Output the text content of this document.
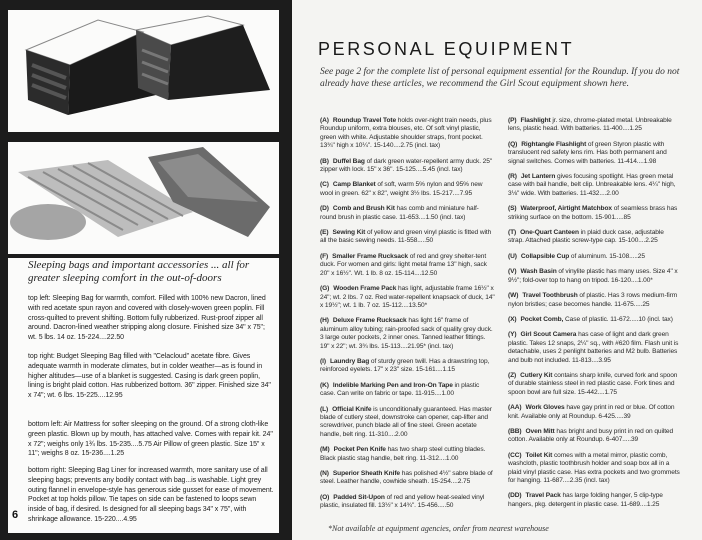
Sleeping bags and important accessories ... all for greater sleeping comfort in the out-of-doors
top left: Sleeping Bag for warmth, comfort. Filled with 100% new Dacron, lined with red acetate spun rayon and covered with closely-woven green poplin. Fill cross-quilted to prevent shifting. Bottom fully rubberized. Rust-proof zipper all around. Dacron-lined weather stripping along closure. Finished size 34" x 75"; wt. 5 lbs. 14 oz. 15-224....22.50
top right: Budget Sleeping Bag filled with "Celacloud" acetate fibre. Gives adequate warmth in moderate climates, but in colder weather—as is found in higher altitudes—use of a blanket is suggested. Casing is dark green poplin, lining is bright plaid cotton. Has rubberized bottom. 36" zipper. Finished size 34" x 74"; wt. 6 lbs. 15-225....12.95
bottom left: Air Mattress for softer sleeping on the ground. Of a strong cloth-like green plastic. Blown up by mouth, has attached valve. Comes with repair kit. 24" x 72"; weighs only 1¾ lbs. 15-235....5.75 Air Pillow of green plastic. Size 15" x 11"; weighs 8 oz. 15-236....1.25
bottom right: Sleeping Bag Liner for increased warmth, more sanitary use of all sleeping bags; prevents any bodily contact with bag...is washable. Light grey outing flannel in envelope-style has generous side gusset for ease of movement. Pocket at top holds pillow. Tie tapes on side can be fastened to loops sewn inside of bag, if desired. Is designed for all sleeping bags 34" x 75", with shrinkage allowance. 15-220....4.95
6
PERSONAL EQUIPMENT
See page 2 for the complete list of personal equipment essential for the Roundup. If you do not already have these articles, we recommend the Girl Scout equipment shown here.
(A) Roundup Travel Tote holds over-night train needs, plus Roundup uniform, extra blouses, etc. Of soft vinyl plastic, green with white. Adjustable shoulder straps, front pocket. 13¾" high x 10¼". 15-140....2.75 (incl. tax)
(B) Duffel Bag of dark green water-repellent army duck. 25" zipper with lock. 15" x 36". 15-125....5.45 (incl. tax)
(C) Camp Blanket of soft, warm 5% nylon and 95% new wool in green. 62" x 82", weight 3½ lbs. 15-217....7.95
(D) Comb and Brush Kit has comb and miniature half-round brush in plastic case. 11-653....1.50 (incl. tax)
(E) Sewing Kit of yellow and green vinyl plastic is fitted with all the basic sewing needs. 11-558.....50
(F) Smaller Frame Rucksack of red and grey shelter-tent duck. For women and girls: light metal frame 13" high, sack 20" x 16½". Wt. 1 lb. 8 oz. 15-114....12.50
(G) Wooden Frame Pack has light, adjustable frame 16½" x 24"; wt. 2 lbs. 7 oz. Red water-repellent knapsack of duck, 14" x 19½"; wt. 1 lb. 7 oz. 15-112....13.50*
(H) Deluxe Frame Rucksack has light 16" frame of aluminum alloy tubing; rain-proofed sack of quality grey duck. 3 large outer pockets, 2 inner ones. Tanned leather fittings. 19" x 22"; wt. 3¾ lbs. 15-113....21.95* (incl. tax)
(I) Laundry Bag of sturdy green twill. Has a drawstring top, reinforced eyelets. 17" x 23" size. 15-161....1.15
(K) Indelible Marking Pen and Iron-On Tape in plastic case. Can write on fabric or tape. 11-915....1.00
(L) Official Knife is unconditionally guaranteed. Has master blade of cutlery steel, downstroke can opener, cap-lifter and screwdriver, punch blade all of fine steel. Green acetate handle, belt ring. 11-310....2.00
(M) Pocket Pen Knife has two sharp steel cutting blades. Black plastic stag handle, belt ring. 11-312....1.00
(N) Superior Sheath Knife has polished 4½" sabre blade of steel. Leather handle, cowhide sheath. 15-254....2.75
(O) Padded Sit-Upon of red and yellow heat-sealed vinyl plastic, insulated fill. 13½" x 14¾". 15-456.....50
(P) Flashlight jr. size, chrome-plated metal. Unbreakable lens, plastic head. With batteries. 11-400....1.25
(Q) Rightangle Flashlight of green Styron plastic with translucent red safety lens rim. Has both permanent and signal switches. Comes with batteries. 11-414....1.98
(R) Jet Lantern gives focusing spotlight. Has green metal case with bail handle, belt clip. Unbreakable lens. 4¼" high, 3⅛" wide. With batteries. 11-432....2.00
(S) Waterproof, Airtight Matchbox of seamless brass has striking surface on the bottom. 15-901.....85
(T) One-Quart Canteen in plaid duck case, adjustable strap. Attached plastic screw-type cap. 15-100....2.25
(U) Collapsible Cup of aluminum. 15-108.....25
(V) Wash Basin of vinylite plastic has many uses. Size 4" x 9½"; fold-over top to hang on tripod. 16-120....1.00*
(W) Travel Toothbrush of plastic. Has 3 rows medium-firm nylon bristles; case becomes handle. 11-675.....25
(X) Pocket Comb, Case of plastic. 11-672.....10 (incl. tax)
(Y) Girl Scout Camera has case of light and dark green plastic. Takes 12 snaps, 2¼" sq., with #620 film. Flash unit is detachable, uses 2 penlight batteries and M2 bulb. Batteries and bulb not included. 11-813....3.95
(Z) Cutlery Kit contains sharp knife, curved fork and spoon of durable stainless steel in red plastic case. Fork tines and spoon bowl are full size. 15-442....1.75
(AA) Work Gloves have gay print in red or blue. Of cotton knit. Available only at Roundup. 6-425.....39
(BB) Oven Mitt has bright and busy print in red on quilted cotton. Available only at Roundup. 6-407.....39
(CC) Toilet Kit comes with a metal mirror, plastic comb, washcloth, plastic toothbrush holder and soap box all in a plaid vinyl plastic case. Has extra pockets and two grommets for hanging. 11-687....2.35 (incl. tax)
(DD) Travel Pack has large folding hanger, 5 clip-type hangers, pkg. detergent in plastic case. 11-689....1.25
*Not available at equipment agencies, order from nearest warehouse
